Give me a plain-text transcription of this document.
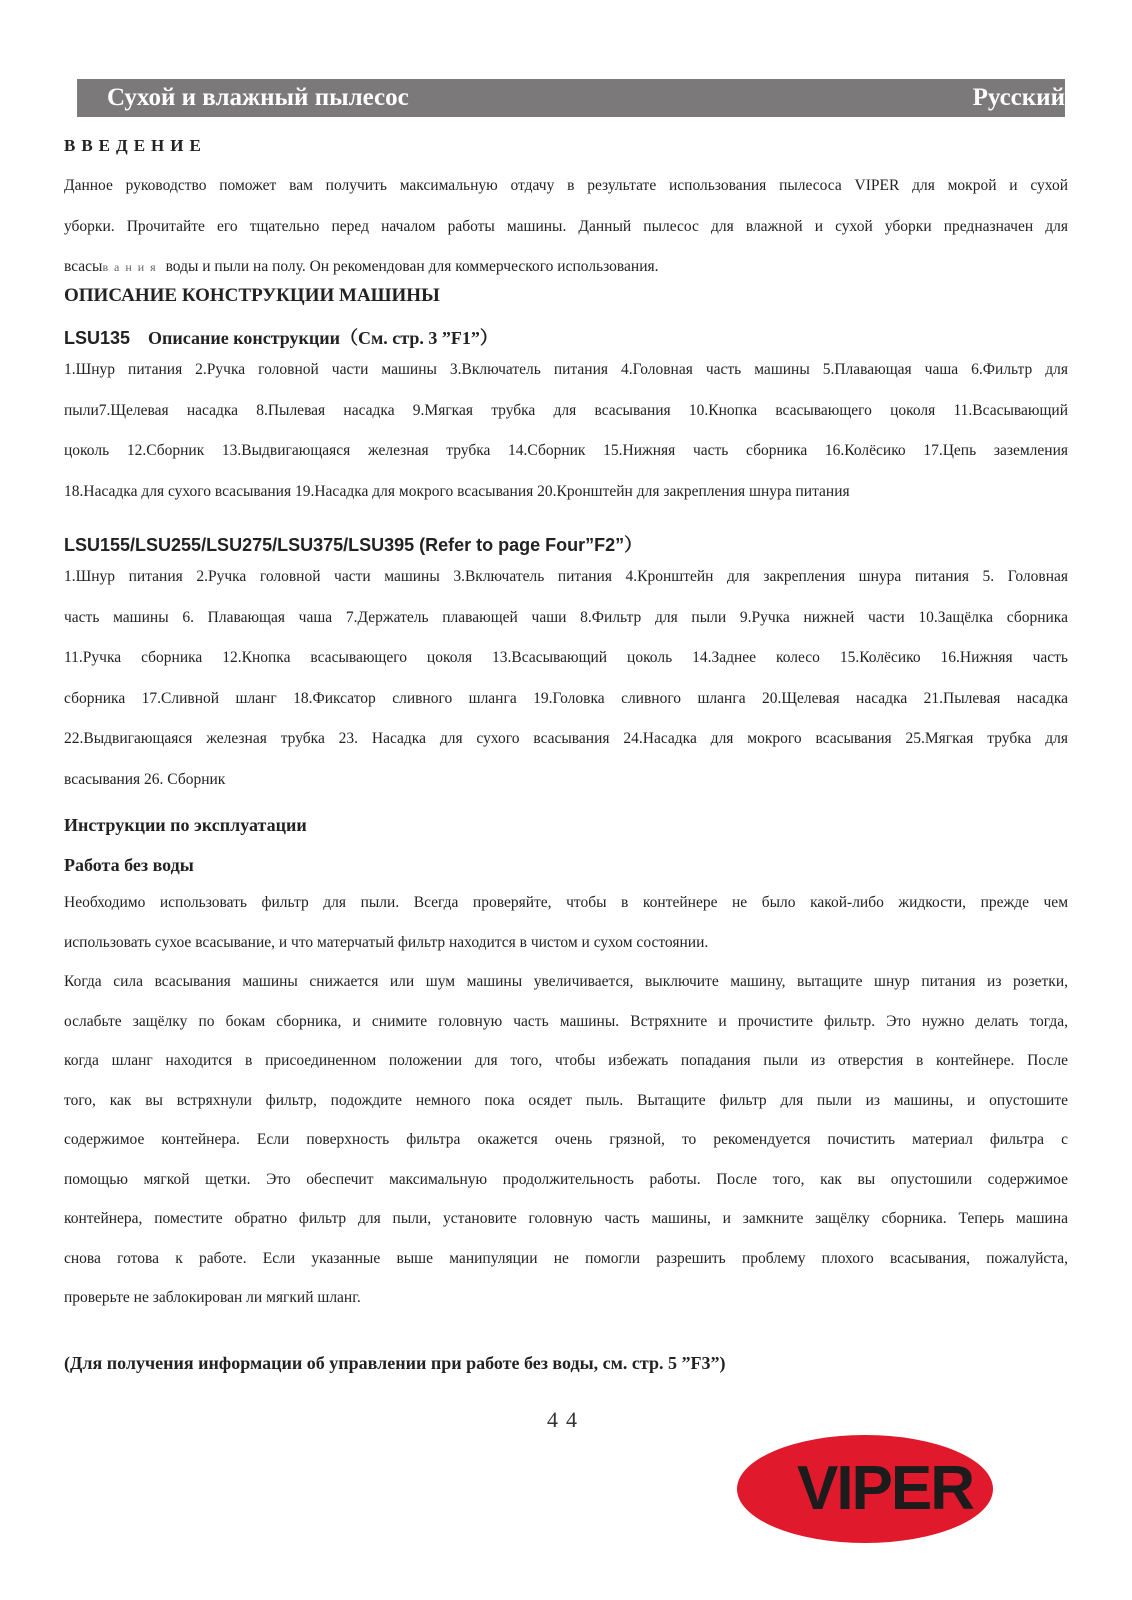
Сухой и влажный пылесос	Русский
ВВЕДЕНИЕ
Данное руководство поможет вам получить максимальную отдачу в результате использования пылесоса VIPER для мокрой и сухой
уборки. Прочитайте его тщательно перед началом работы машины. Данный пылесос для влажной и сухой уборки предназначен для
всасывания воды и пыли на полу. Он рекомендован для коммерческого использования.
ОПИСАНИЕ КОНСТРУКЦИИ МАШИНЫ
LSU135 Описание конструкции（См. стр. 3 ”F1”）
1.Шнур питания 2.Ручка головной части машины 3.Включатель питания 4.Головная часть машины 5.Плавающая чаша 6.Фильтр для
пыли7.Щелевая насадка 8.Пылевая насадка 9.Мягкая трубка для всасывания 10.Кнопка всасывающего цоколя 11.Всасывающий
цоколь 12.Сборник 13.Выдвигающаяся железная трубка 14.Сборник 15.Нижняя часть сборника 16.Колёсико 17.Цепь заземления
18.Насадка для сухого всасывания 19.Насадка для мокрого всасывания 20.Кронштейн для закрепления шнура питания
LSU155/LSU255/LSU275/LSU375/LSU395 (Refer to page Four”F2”）
1.Шнур питания 2.Ручка головной части машины 3.Включатель питания 4.Кронштейн для закрепления шнура питания 5. Головная
часть машины 6. Плавающая чаша 7.Держатель плавающей чаши 8.Фильтр для пыли 9.Ручка нижней части 10.Защёлка сборника
11.Ручка сборника 12.Кнопка всасывающего цоколя 13.Всасывающий цоколь 14.Заднее колесо 15.Колёсико 16.Нижняя часть
сборника 17.Сливной шланг 18.Фиксатор сливного шланга 19.Головка сливного шланга 20.Щелевая насадка 21.Пылевая насадка
22.Выдвигающаяся железная трубка 23. Насадка для сухого всасывания 24.Насадка для мокрого всасывания 25.Мягкая трубка для
всасывания 26. Сборник
Инструкции по эксплуатации
Работа без воды
Необходимо использовать фильтр для пыли. Всегда проверяйте, чтобы в контейнере не было какой-либо жидкости, прежде чем
использовать сухое всасывание, и что матерчатый фильтр находится в чистом и сухом состоянии.
Когда сила всасывания машины снижается или шум машины увеличивается, выключите машину, вытащите шнур питания из розетки,
ослабьте защёлку по бокам сборника, и снимите головную часть машины. Встряхните и прочистите фильтр. Это нужно делать тогда,
когда шланг находится в присоединенном положении для того, чтобы избежать попадания пыли из отверстия в контейнере. После
того, как вы встряхнули фильтр, подождите немного пока осядет пыль. Вытащите фильтр для пыли из машины, и опустошите
содержимое контейнера. Если поверхность фильтра окажется очень грязной, то рекомендуется почистить материал фильтра с
помощью мягкой щетки. Это обеспечит максимальную продолжительность работы. После того, как вы опустошили содержимое
контейнера, поместите обратно фильтр для пыли, установите головную часть машины, и замкните защёлку сборника. Теперь машина
снова готова к работе. Если указанные выше манипуляции не помогли разрешить проблему плохого всасывания, пожалуйста,
проверьте не заблокирован ли мягкий шланг.
(Для получения информации об управлении при работе без воды, см. стр. 5 ”F3”)
44
VIPER
